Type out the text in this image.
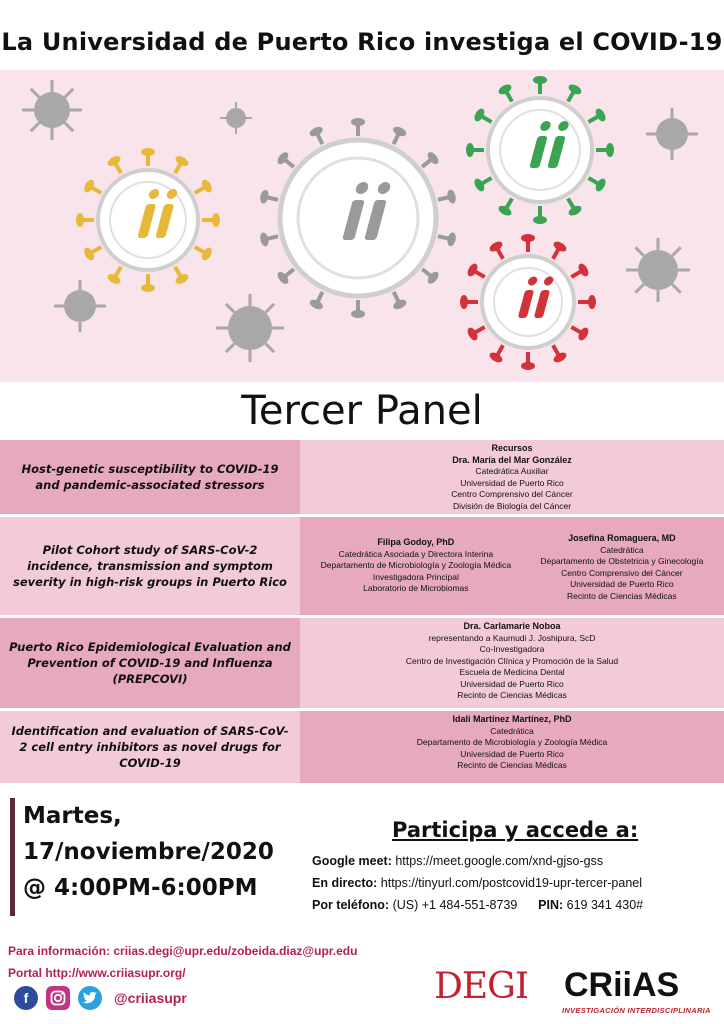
La Universidad de Puerto Rico investiga el COVID-19
Tercer Panel
Host-genetic susceptibility to COVID-19 and pandemic-associated stressors
Recursos
Dra. María del Mar González
Catedrática Auxiliar
Universidad de Puerto Rico
Centro Comprensivo del Cáncer
División de Biología del Cáncer
Pilot Cohort study of SARS-CoV-2 incidence, transmission and symptom severity in high-risk groups in Puerto Rico
Filipa Godoy, PhD
Catedrática Asociada y Directora Interina
Departamento de Microbiología y Zoología Médica
Investigadora Principal
Laboratorio de Microbiomas
Josefina Romaguera, MD
Catedrática
Departamento de Obstetricia y Ginecología
Centro Comprensivo del Cáncer
Universidad de Puerto Rico
Recinto de Ciencias Médicas
Puerto Rico Epidemiological Evaluation and Prevention of COVID-19 and Influenza (PREPCOVI)
Dra. Carlamarie Noboa
representando a Kaumudi J. Joshipura, ScD
Co-Investigadora
Centro de Investigación Clínica y Promoción de la Salud
Escuela de Medicina Dental
Universidad de Puerto Rico
Recinto de Ciencias Médicas
Identification and evaluation of SARS-CoV-2 cell entry inhibitors as novel drugs for COVID-19
Idali Martínez Martínez, PhD
Catedrática
Departamento de Microbiología y Zoología Médica
Universidad de Puerto Rico
Recinto de Ciencias Médicas
Martes,
17/noviembre/2020
@ 4:00PM-6:00PM
Participa y accede a:
Google meet: https://meet.google.com/xnd-gjso-gss
En directo: https://tinyurl.com/postcovid19-upr-tercer-panel
Por teléfono: (US) +1 484-551-8739 PIN: 619 341 430#
Para información: criias.degi@upr.edu/zobeida.diaz@upr.edu
Portal http://www.criiasupr.org/
f	@criiasupr	DEGI CRiiAS
INVESTIGACIÓN INTERDISCIPLINARIA
